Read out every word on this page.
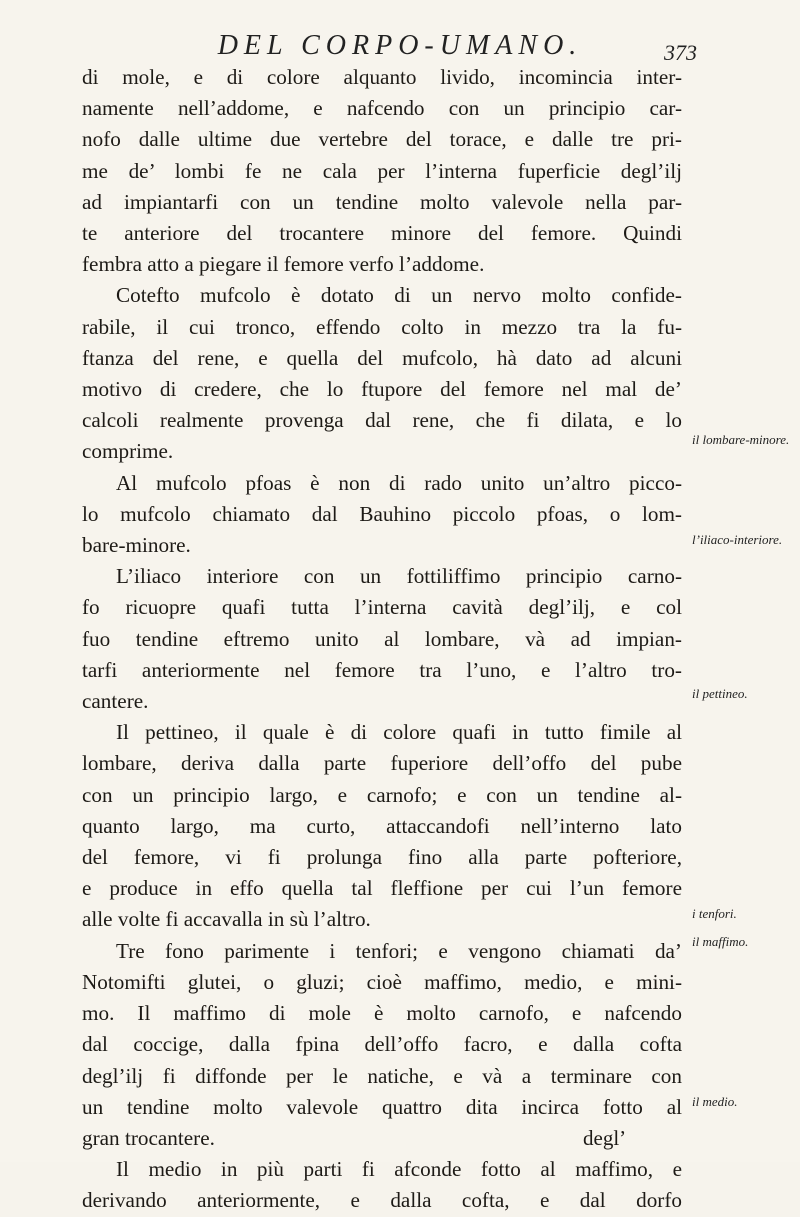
DEL CORPO-UMANO.	373

di mole, e di colore alquanto livido, incomincia inter-
namente nell’addome, e nafcendo con un principio car-
nofo dalle ultime due vertebre del torace, e dalle tre pri-
me de’ lombi fe ne cala per l’interna fuperficie degl’ilj
ad impiantarfi con un tendine molto valevole nella par-
te anteriore del trocantere minore del femore. Quindi
fembra atto a piegare il femore verfo l’addome.

Cotefto mufcolo è dotato di un nervo molto confide-
rabile, il cui tronco, effendo colto in mezzo tra la fu-
ftanza del rene, e quella del mufcolo, hà dato ad alcuni
motivo di credere, che lo ftupore del femore nel mal de’
calcoli realmente provenga dal rene, che fi dilata, e lo
comprime.

Al mufcolo pfoas è non di rado unito un’altro picco-
lo mufcolo chiamato dal Bauhino piccolo pfoas, o lom-
bare-minore.

L’iliaco interiore con un fottiliffimo principio carno-
fo ricuopre quafi tutta l’interna cavità degl’ilj, e col
fuo tendine eftremo unito al lombare, và ad impian-
tarfi anteriormente nel femore tra l’uno, e l’altro tro-
cantere.

Il pettineo, il quale è di colore quafi in tutto fimile al
lombare, deriva dalla parte fuperiore dell’offo del pube
con un principio largo, e carnofo; e con un tendine al-
quanto largo, ma curto, attaccandofi nell’interno lato
del femore, vi fi prolunga fino alla parte pofteriore,
e produce in effo quella tal fleffione per cui l’un femore
alle volte fi accavalla in sù l’altro.

Tre fono parimente i tenfori; e vengono chiamati da’
Notomifti glutei, o gluzi; cioè maffimo, medio, e mini-
mo. Il maffimo di mole è molto carnofo, e nafcendo
dal coccige, dalla fpina dell’offo facro, e dalla cofta
degl’ilj fi diffonde per le natiche, e và a terminare con
un tendine molto valevole quattro dita incirca fotto al
gran trocantere.

Il medio in più parti fi afconde fotto al maffimo, e
derivando anteriormente, e dalla cofta, e dal dorfo

il lombare-minore.
l’iliaco-interiore.
il pettineo.
i tenfori.
il maffimo.
il medio.
degl’
